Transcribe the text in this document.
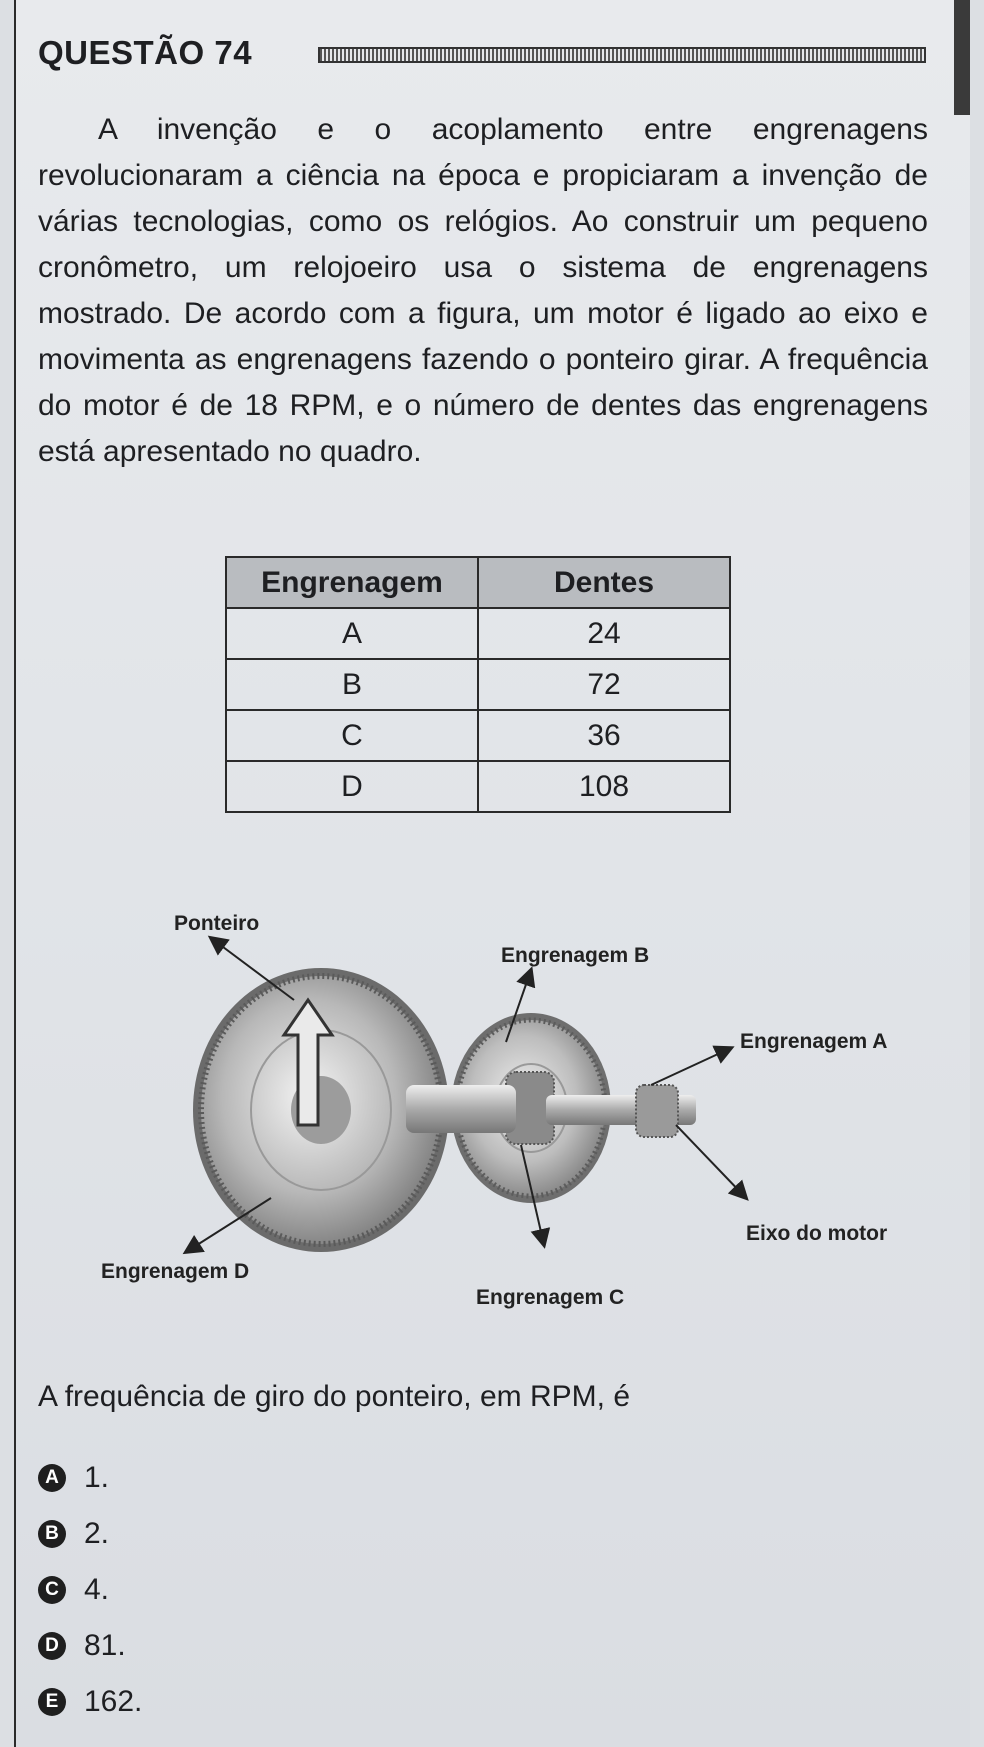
QUESTÃO 74

A invenção e o acoplamento entre engrenagens revolucionaram a ciência na época e propiciaram a invenção de várias tecnologias, como os relógios. Ao construir um pequeno cronômetro, um relojoeiro usa o sistema de engrenagens mostrado. De acordo com a figura, um motor é ligado ao eixo e movimenta as engrenagens fazendo o ponteiro girar. A frequência do motor é de 18 RPM, e o número de dentes das engrenagens está apresentado no quadro.

Engrenagem	Dentes
A	24
B	72
C	36
D	108
Ponteiro
Engrenagem B
Engrenagem A
Eixo do motor
Engrenagem D
Engrenagem C
A frequência de giro do ponteiro, em RPM, é
A 1.
B 2.
C 4.
D 81.
E 162.
